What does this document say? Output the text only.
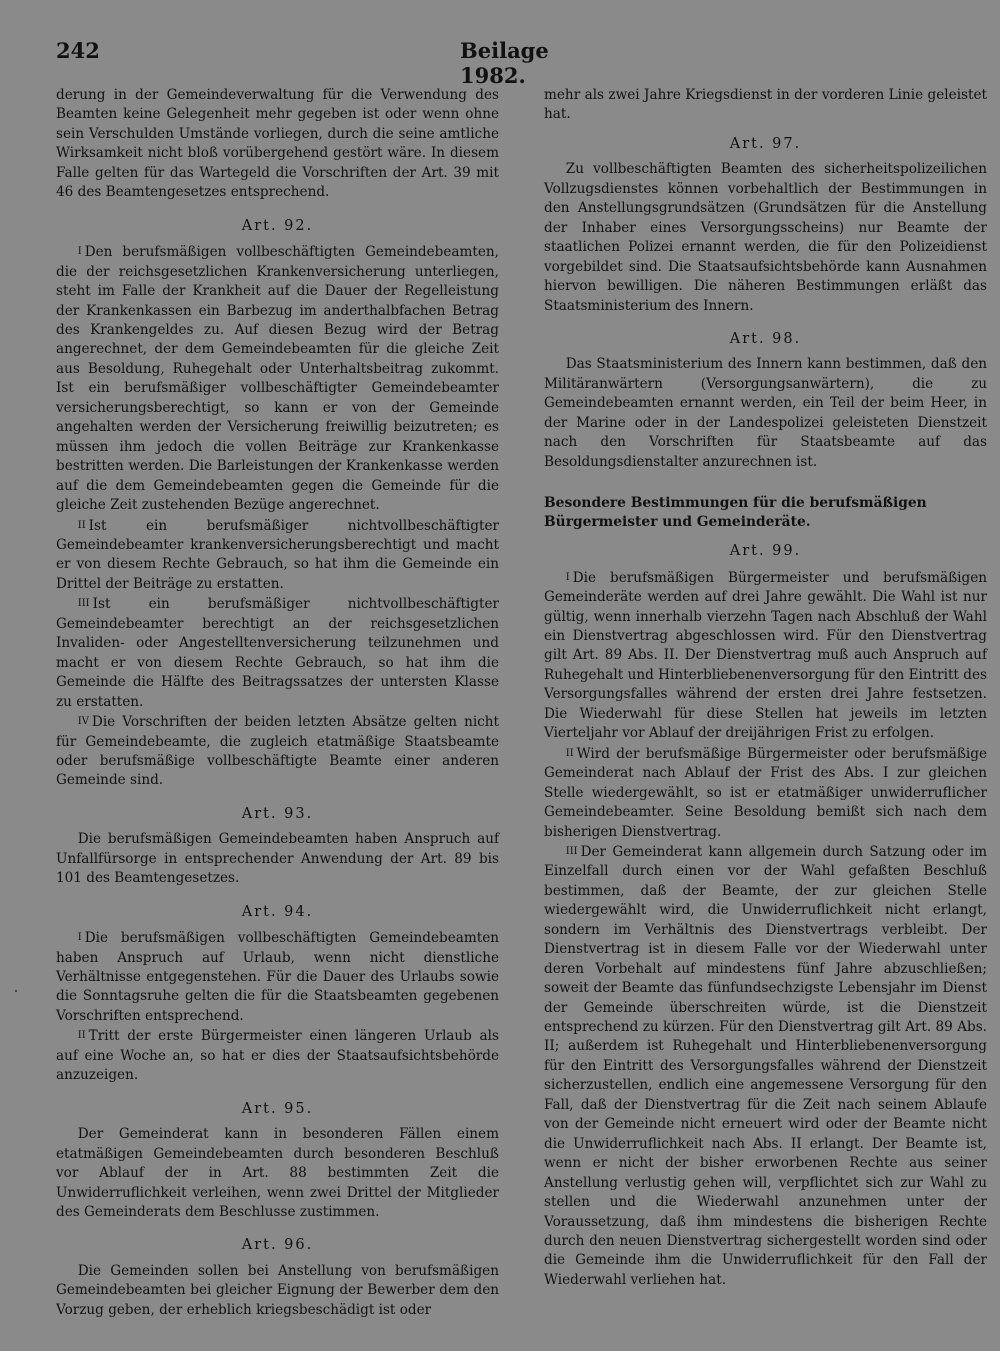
242	Beilage 1982.

derung in der Gemeindeverwaltung für die Verwendung des Beamten keine Gelegenheit mehr gegeben ist oder wenn ohne sein Verschulden Umstände vorliegen, durch die seine amtliche Wirksamkeit nicht bloß vorübergehend gestört wäre. In diesem Falle gelten für das Wartegeld die Vorschriften der Art. 39 mit 46 des Beamtengesetzes entsprechend.

Art. 92.

I Den berufsmäßigen vollbeschäftigten Gemeindebeamten, die der reichsgesetzlichen Krankenversicherung unterliegen, steht im Falle der Krankheit auf die Dauer der Regelleistung der Krankenkassen ein Barbezug im anderthalbfachen Betrag des Krankengeldes zu. Auf diesen Bezug wird der Betrag angerechnet, der dem Gemeindebeamten für die gleiche Zeit aus Besoldung, Ruhegehalt oder Unterhaltsbeitrag zukommt. Ist ein berufsmäßiger vollbeschäftigter Gemeindebeamter versicherungsberechtigt, so kann er von der Gemeinde angehalten werden der Versicherung freiwillig beizutreten; es müssen ihm jedoch die vollen Beiträge zur Krankenkasse bestritten werden. Die Barleistungen der Krankenkasse werden auf die dem Gemeindebeamten gegen die Gemeinde für die gleiche Zeit zustehenden Bezüge angerechnet.

II Ist ein berufsmäßiger nichtvollbeschäftigter Gemeindebeamter krankenversicherungsberechtigt und macht er von diesem Rechte Gebrauch, so hat ihm die Gemeinde ein Drittel der Beiträge zu erstatten.

III Ist ein berufsmäßiger nichtvollbeschäftigter Gemeindebeamter berechtigt an der reichsgesetzlichen Invaliden- oder Angestelltenversicherung teilzunehmen und macht er von diesem Rechte Gebrauch, so hat ihm die Gemeinde die Hälfte des Beitragssatzes der untersten Klasse zu erstatten.

IV Die Vorschriften der beiden letzten Absätze gelten nicht für Gemeindebeamte, die zugleich etatmäßige Staatsbeamte oder berufsmäßige vollbeschäftigte Beamte einer anderen Gemeinde sind.

Art. 93.

Die berufsmäßigen Gemeindebeamten haben Anspruch auf Unfallfürsorge in entsprechender Anwendung der Art. 89 bis 101 des Beamtengesetzes.

Art. 94.

I Die berufsmäßigen vollbeschäftigten Gemeindebeamten haben Anspruch auf Urlaub, wenn nicht dienstliche Verhältnisse entgegenstehen. Für die Dauer des Urlaubs sowie die Sonntagsruhe gelten die für die Staatsbeamten gegebenen Vorschriften entsprechend.

II Tritt der erste Bürgermeister einen längeren Urlaub als auf eine Woche an, so hat er dies der Staatsaufsichtsbehörde anzuzeigen.

Art. 95.

Der Gemeinderat kann in besonderen Fällen einem etatmäßigen Gemeindebeamten durch besonderen Beschluß vor Ablauf der in Art. 88 bestimmten Zeit die Unwiderruflichkeit verleihen, wenn zwei Drittel der Mitglieder des Gemeinderats dem Beschlusse zustimmen.

Art. 96.

Die Gemeinden sollen bei Anstellung von berufsmäßigen Gemeindebeamten bei gleicher Eignung der Bewerber dem den Vorzug geben, der erheblich kriegsbeschädigt ist oder

mehr als zwei Jahre Kriegsdienst in der vorderen Linie geleistet hat.

Art. 97.

Zu vollbeschäftigten Beamten des sicherheitspolizeilichen Vollzugsdienstes können vorbehaltlich der Bestimmungen in den Anstellungsgrundsätzen (Grundsätzen für die Anstellung der Inhaber eines Versorgungsscheins) nur Beamte der staatlichen Polizei ernannt werden, die für den Polizeidienst vorgebildet sind. Die Staatsaufsichtsbehörde kann Ausnahmen hiervon bewilligen. Die näheren Bestimmungen erläßt das Staatsministerium des Innern.

Art. 98.

Das Staatsministerium des Innern kann bestimmen, daß den Militäranwärtern (Versorgungsanwärtern), die zu Gemeindebeamten ernannt werden, ein Teil der beim Heer, in der Marine oder in der Landespolizei geleisteten Dienstzeit nach den Vorschriften für Staatsbeamte auf das Besoldungsdienstalter anzurechnen ist.

Besondere Bestimmungen für die berufsmäßigen Bürgermeister und Gemeinderäte.
Art. 99.

I Die berufsmäßigen Bürgermeister und berufsmäßigen Gemeinderäte werden auf drei Jahre gewählt. Die Wahl ist nur gültig, wenn innerhalb vierzehn Tagen nach Abschluß der Wahl ein Dienstvertrag abgeschlossen wird. Für den Dienstvertrag gilt Art. 89 Abs. II. Der Dienstvertrag muß auch Anspruch auf Ruhegehalt und Hinterbliebenenversorgung für den Eintritt des Versorgungsfalles während der ersten drei Jahre festsetzen. Die Wiederwahl für diese Stellen hat jeweils im letzten Vierteljahr vor Ablauf der dreijährigen Frist zu erfolgen.

II Wird der berufsmäßige Bürgermeister oder berufsmäßige Gemeinderat nach Ablauf der Frist des Abs. I zur gleichen Stelle wiedergewählt, so ist er etatmäßiger unwiderruflicher Gemeindebeamter. Seine Besoldung bemißt sich nach dem bisherigen Dienstvertrag.

III Der Gemeinderat kann allgemein durch Satzung oder im Einzelfall durch einen vor der Wahl gefaßten Beschluß bestimmen, daß der Beamte, der zur gleichen Stelle wiedergewählt wird, die Unwiderruflichkeit nicht erlangt, sondern im Verhältnis des Dienstvertrags verbleibt. Der Dienstvertrag ist in diesem Falle vor der Wiederwahl unter deren Vorbehalt auf mindestens fünf Jahre abzuschließen; soweit der Beamte das fünfundsechzigste Lebensjahr im Dienst der Gemeinde überschreiten würde, ist die Dienstzeit entsprechend zu kürzen. Für den Dienstvertrag gilt Art. 89 Abs. II; außerdem ist Ruhegehalt und Hinterbliebenenversorgung für den Eintritt des Versorgungsfalles während der Dienstzeit sicherzustellen, endlich eine angemessene Versorgung für den Fall, daß der Dienstvertrag für die Zeit nach seinem Ablaufe von der Gemeinde nicht erneuert wird oder der Beamte nicht die Unwiderruflichkeit nach Abs. II erlangt. Der Beamte ist, wenn er nicht der bisher erworbenen Rechte aus seiner Anstellung verlustig gehen will, verpflichtet sich zur Wahl zu stellen und die Wiederwahl anzunehmen unter der Voraussetzung, daß ihm mindestens die bisherigen Rechte durch den neuen Dienstvertrag sichergestellt worden sind oder die Gemeinde ihm die Unwiderruflichkeit für den Fall der Wiederwahl verliehen hat.
